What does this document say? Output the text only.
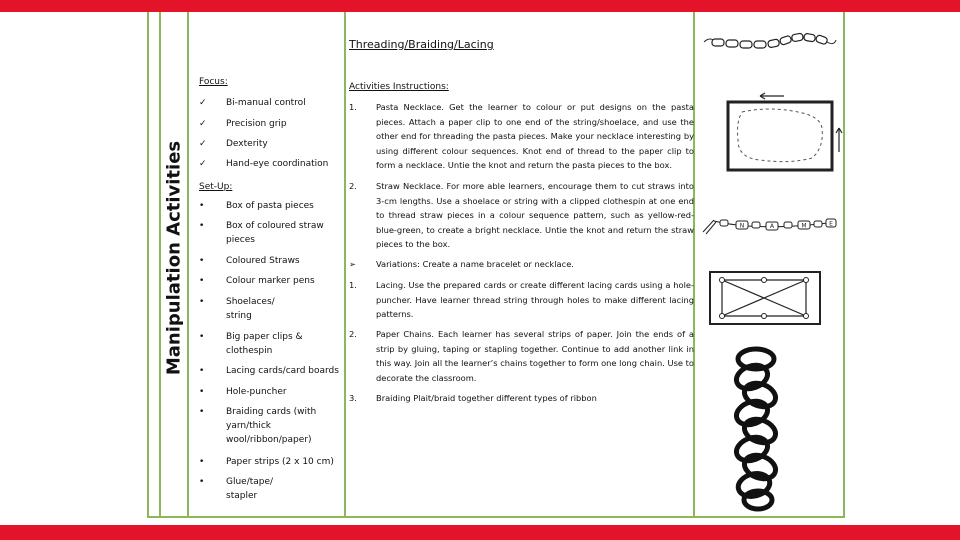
Manipulation Activities
Threading/Braiding/Lacing
Focus:	Activities Instructions:
Set-Up:
✓ Bi-manual control
✓ Precision grip
✓ Dexterity
✓ Hand-eye coordination
• Box of pasta pieces
• Box of coloured straw pieces
• Coloured Straws
• Colour marker pens
• Shoelaces/ string
• Big paper clips & clothespin
• Lacing cards/card boards
• Hole-puncher
• Braiding cards (with yarn/thick wool/ribbon/paper)
• Paper strips (2 x 10 cm)
• Glue/tape/ stapler
1. Pasta Necklace. Get the learner to colour or put designs on the pasta pieces. Attach a paper clip to one end of the string/shoelace, and use the other end for threading the pasta pieces. Make your necklace interesting by using different colour sequences. Knot end of thread to the paper clip to form a necklace. Untie the knot and return the pasta pieces to the box.
2. Straw Necklace. For more able learners, encourage them to cut straws into 3-cm lengths. Use a shoelace or string with a clipped clothespin at one end to thread straw pieces in a colour sequence pattern, such as yellow-red-blue-green, to create a bright necklace. Untie the knot and return the straw pieces to the box.
➢ Variations: Create a name bracelet or necklace.
1. Lacing. Use the prepared cards or create different lacing cards using a hole-puncher. Have learner thread string through holes to make different lacing patterns.
2. Paper Chains. Each learner has several strips of paper. Join the ends of a strip by gluing, taping or stapling together. Continue to add another link in this way. Join all the learner’s chains together to form one long chain. Use to decorate the classroom.
3. Braiding Plait/braid together different types of ribbon
N	A	M	E
